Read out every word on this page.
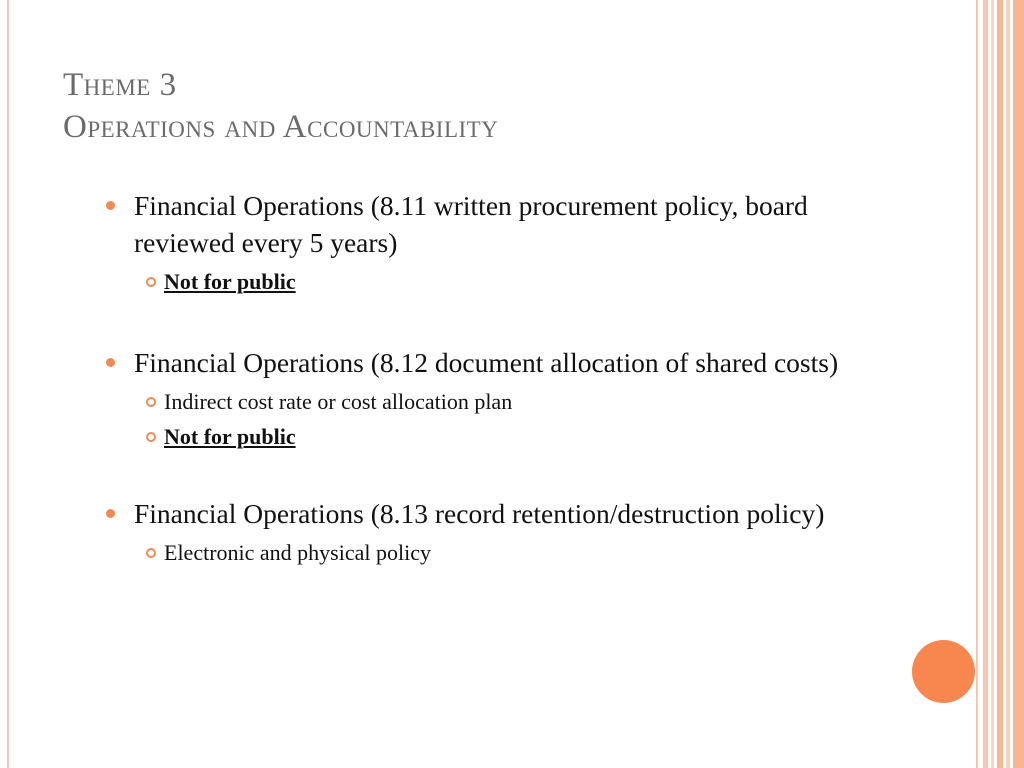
Theme 3
Operations and Accountability
Financial Operations (8.11 written procurement policy, board reviewed every 5 years)
Not for public
Financial Operations (8.12 document allocation of shared costs)
Indirect cost rate or cost allocation plan
Not for public
Financial Operations (8.13 record retention/destruction policy)
Electronic and physical policy
